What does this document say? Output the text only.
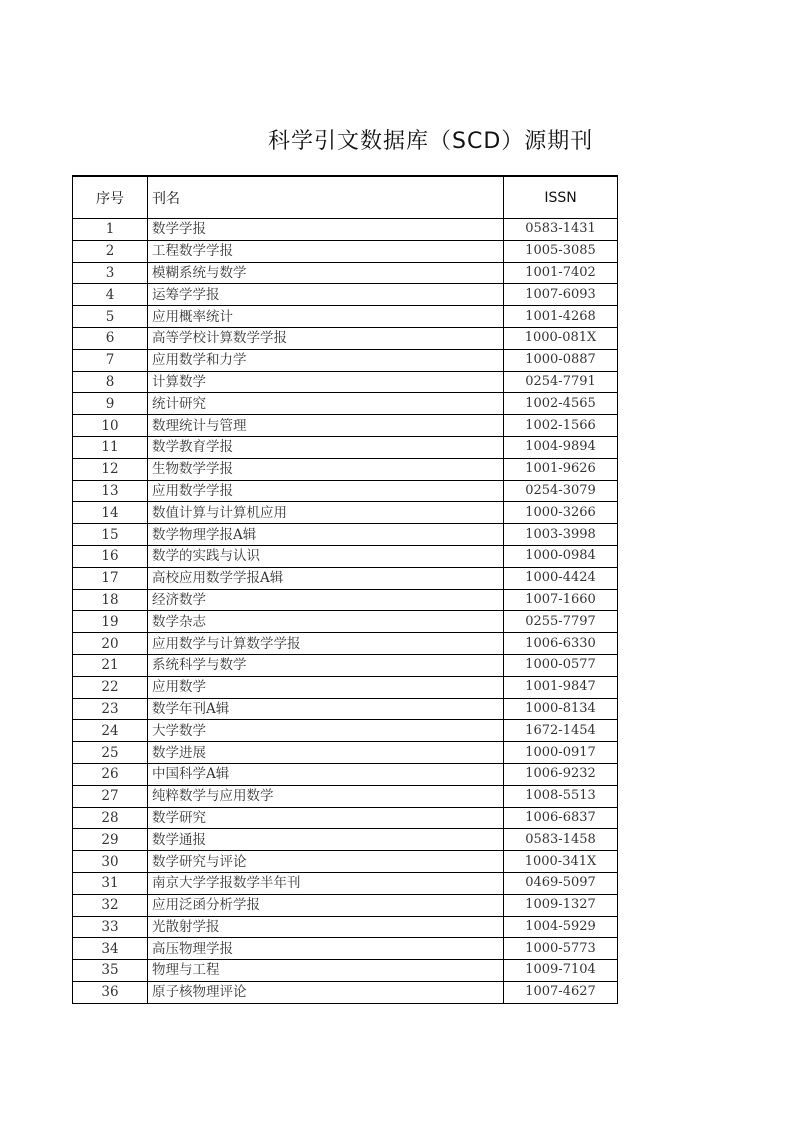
科学引文数据库（SCD）源期刊
序号	刊名	ISSN
1	数学学报	0583-1431
2	工程数学学报	1005-3085
3	模糊系统与数学	1001-7402
4	运筹学学报	1007-6093
5	应用概率统计	1001-4268
6	高等学校计算数学学报	1000-081X
7	应用数学和力学	1000-0887
8	计算数学	0254-7791
9	统计研究	1002-4565
10	数理统计与管理	1002-1566
11	数学教育学报	1004-9894
12	生物数学学报	1001-9626
13	应用数学学报	0254-3079
14	数值计算与计算机应用	1000-3266
15	数学物理学报A辑	1003-3998
16	数学的实践与认识	1000-0984
17	高校应用数学学报A辑	1000-4424
18	经济数学	1007-1660
19	数学杂志	0255-7797
20	应用数学与计算数学学报	1006-6330
21	系统科学与数学	1000-0577
22	应用数学	1001-9847
23	数学年刊A辑	1000-8134
24	大学数学	1672-1454
25	数学进展	1000-0917
26	中国科学A辑	1006-9232
27	纯粹数学与应用数学	1008-5513
28	数学研究	1006-6837
29	数学通报	0583-1458
30	数学研究与评论	1000-341X
31	南京大学学报数学半年刊	0469-5097
32	应用泛函分析学报	1009-1327
33	光散射学报	1004-5929
34	高压物理学报	1000-5773
35	物理与工程	1009-7104
36	原子核物理评论	1007-4627
